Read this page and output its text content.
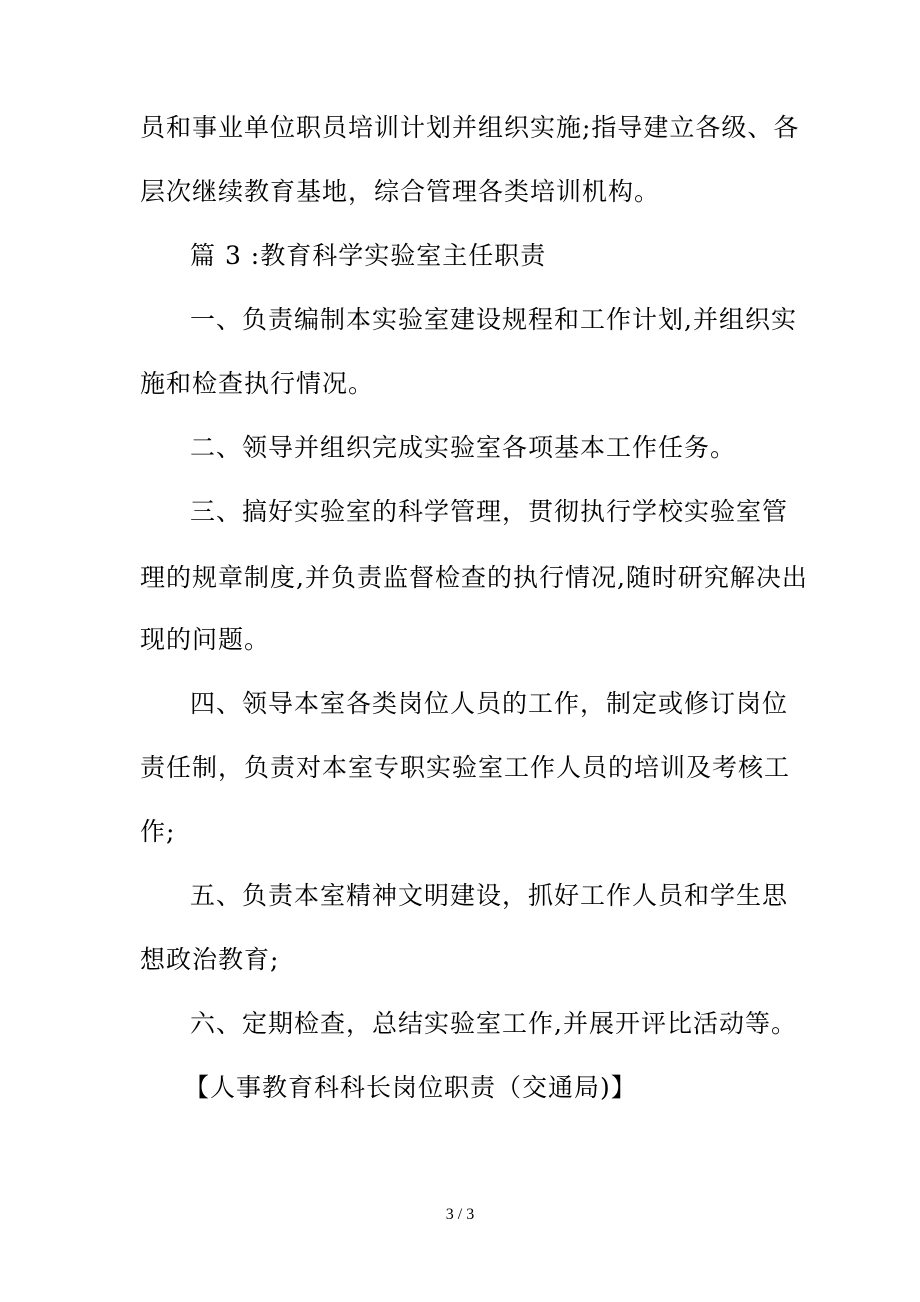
员和事业单位职员培训计划并组织实施;指导建立各级、各
层次继续教育基地，综合管理各类培训机构。
篇 3 :教育科学实验室主任职责
一、负责编制本实验室建设规程和工作计划,并组织实
施和检查执行情况。
二、领导并组织完成实验室各项基本工作任务。
三、搞好实验室的科学管理，贯彻执行学校实验室管
理的规章制度,并负责监督检查的执行情况,随时研究解决出
现的问题。
四、领导本室各类岗位人员的工作，制定或修订岗位
责任制，负责对本室专职实验室工作人员的培训及考核工
作;
五、负责本室精神文明建设，抓好工作人员和学生思
想政治教育;
六、定期检查，总结实验室工作,并展开评比活动等。
【人事教育科科长岗位职责（交通局)】
3 / 3
